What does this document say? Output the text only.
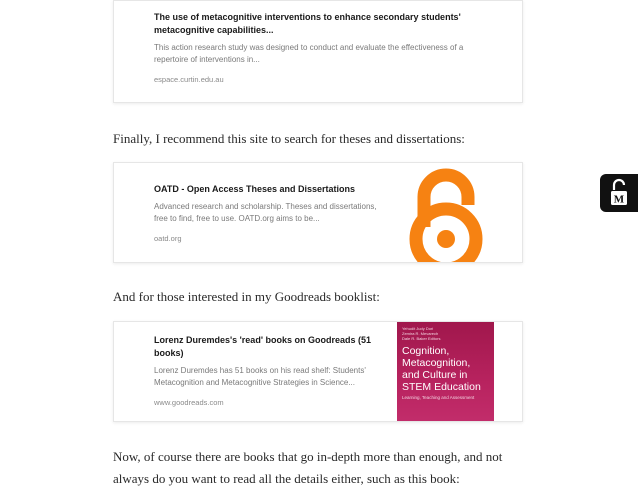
The use of metacognitive interventions to enhance secondary students' metacognitive capabilities...

This action research study was designed to conduct and evaluate the effectiveness of a repertoire of interventions in...
espace.curtin.edu.au

Finally, I recommend this site to search for theses and dissertations:

OATD - Open Access Theses and Dissertations

Advanced research and scholarship. Theses and dissertations, free to find, free to use. OATD.org aims to be...
oatd.org

And for those interested in my Goodreads booklist:

Lorenz Duremdes's 'read' books on Goodreads (51 books)

Lorenz Duremdes has 51 books on his read shelf: Students' Metacognition and Metacognitive Strategies in Science...
www.goodreads.com
Yehudit Judy Dori
Zemira R. Mevarech
Dale R. Baker Editors
Cognition, Metacognition, and Culture in STEM Education
Learning, Teaching and Assessment

Now, of course there are books that go in-depth more than enough, and not always do you want to read all the details either, such as this book:

M
